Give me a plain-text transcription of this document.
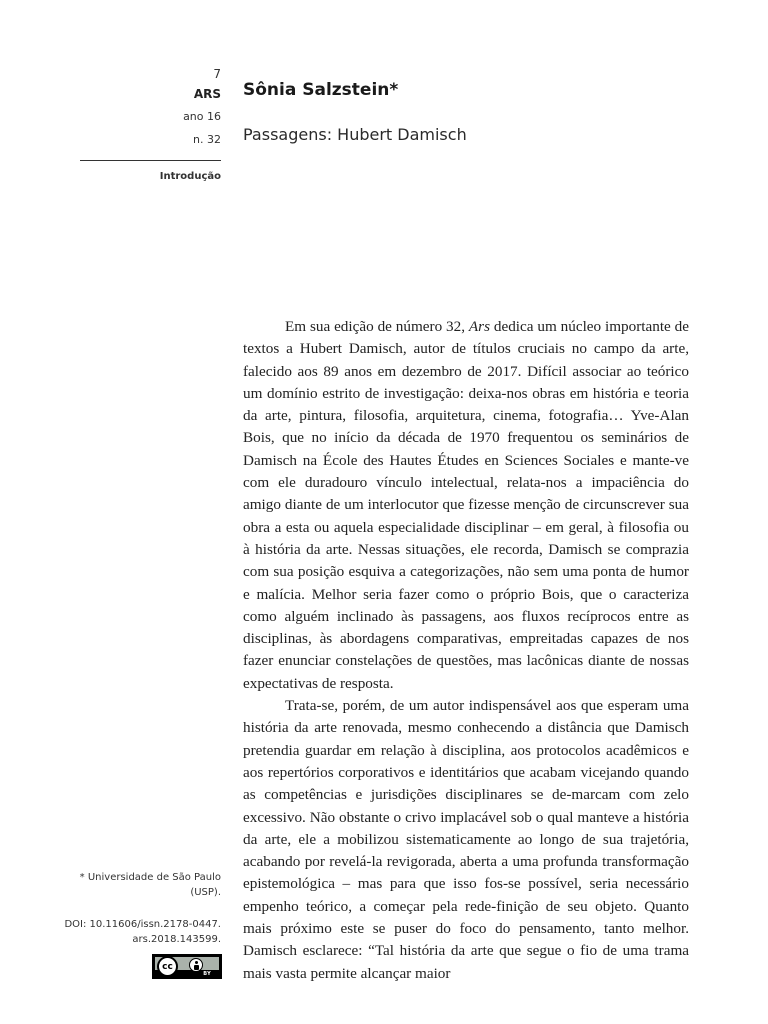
7
ARS
ano 16
n. 32
Introdução
Sônia Salzstein*
Passagens: Hubert Damisch

Em sua edição de número 32, Ars dedica um núcleo importante de textos a Hubert Damisch, autor de títulos cruciais no campo da arte, falecido aos 89 anos em dezembro de 2017. Difícil associar ao teórico um domínio estrito de investigação: deixa-nos obras em história e teoria da arte, pintura, filosofia, arquitetura, cinema, fotografia… Yve-Alan Bois, que no início da década de 1970 frequentou os seminários de Damisch na École des Hautes Études en Sciences Sociales e mante-ve com ele duradouro vínculo intelectual, relata-nos a impaciência do amigo diante de um interlocutor que fizesse menção de circunscrever sua obra a esta ou aquela especialidade disciplinar – em geral, à filosofia ou à história da arte. Nessas situações, ele recorda, Damisch se comprazia com sua posição esquiva a categorizações, não sem uma ponta de humor e malícia. Melhor seria fazer como o próprio Bois, que o caracteriza como alguém inclinado às passagens, aos fluxos recíprocos entre as disciplinas, às abordagens comparativas, empreitadas capazes de nos fazer enunciar constelações de questões, mas lacônicas diante de nossas expectativas de resposta.

Trata-se, porém, de um autor indispensável aos que esperam uma história da arte renovada, mesmo conhecendo a distância que Damisch pretendia guardar em relação à disciplina, aos protocolos acadêmicos e aos repertórios corporativos e identitários que acabam vicejando quando as competências e jurisdições disciplinares se de-marcam com zelo excessivo. Não obstante o crivo implacável sob o qual manteve a história da arte, ele a mobilizou sistematicamente ao longo de sua trajetória, acabando por revelá-la revigorada, aberta a uma profunda transformação epistemológica – mas para que isso fos-se possível, seria necessário empenho teórico, a começar pela rede-finição de seu objeto. Quanto mais próximo este se puser do foco do pensamento, tanto melhor. Damisch esclarece: “Tal história da arte que segue o fio de uma trama mais vasta permite alcançar maior

* Universidade de São Paulo
(USP).
DOI: 10.11606/issn.2178-0447.
ars.2018.143599.
cc
BY
